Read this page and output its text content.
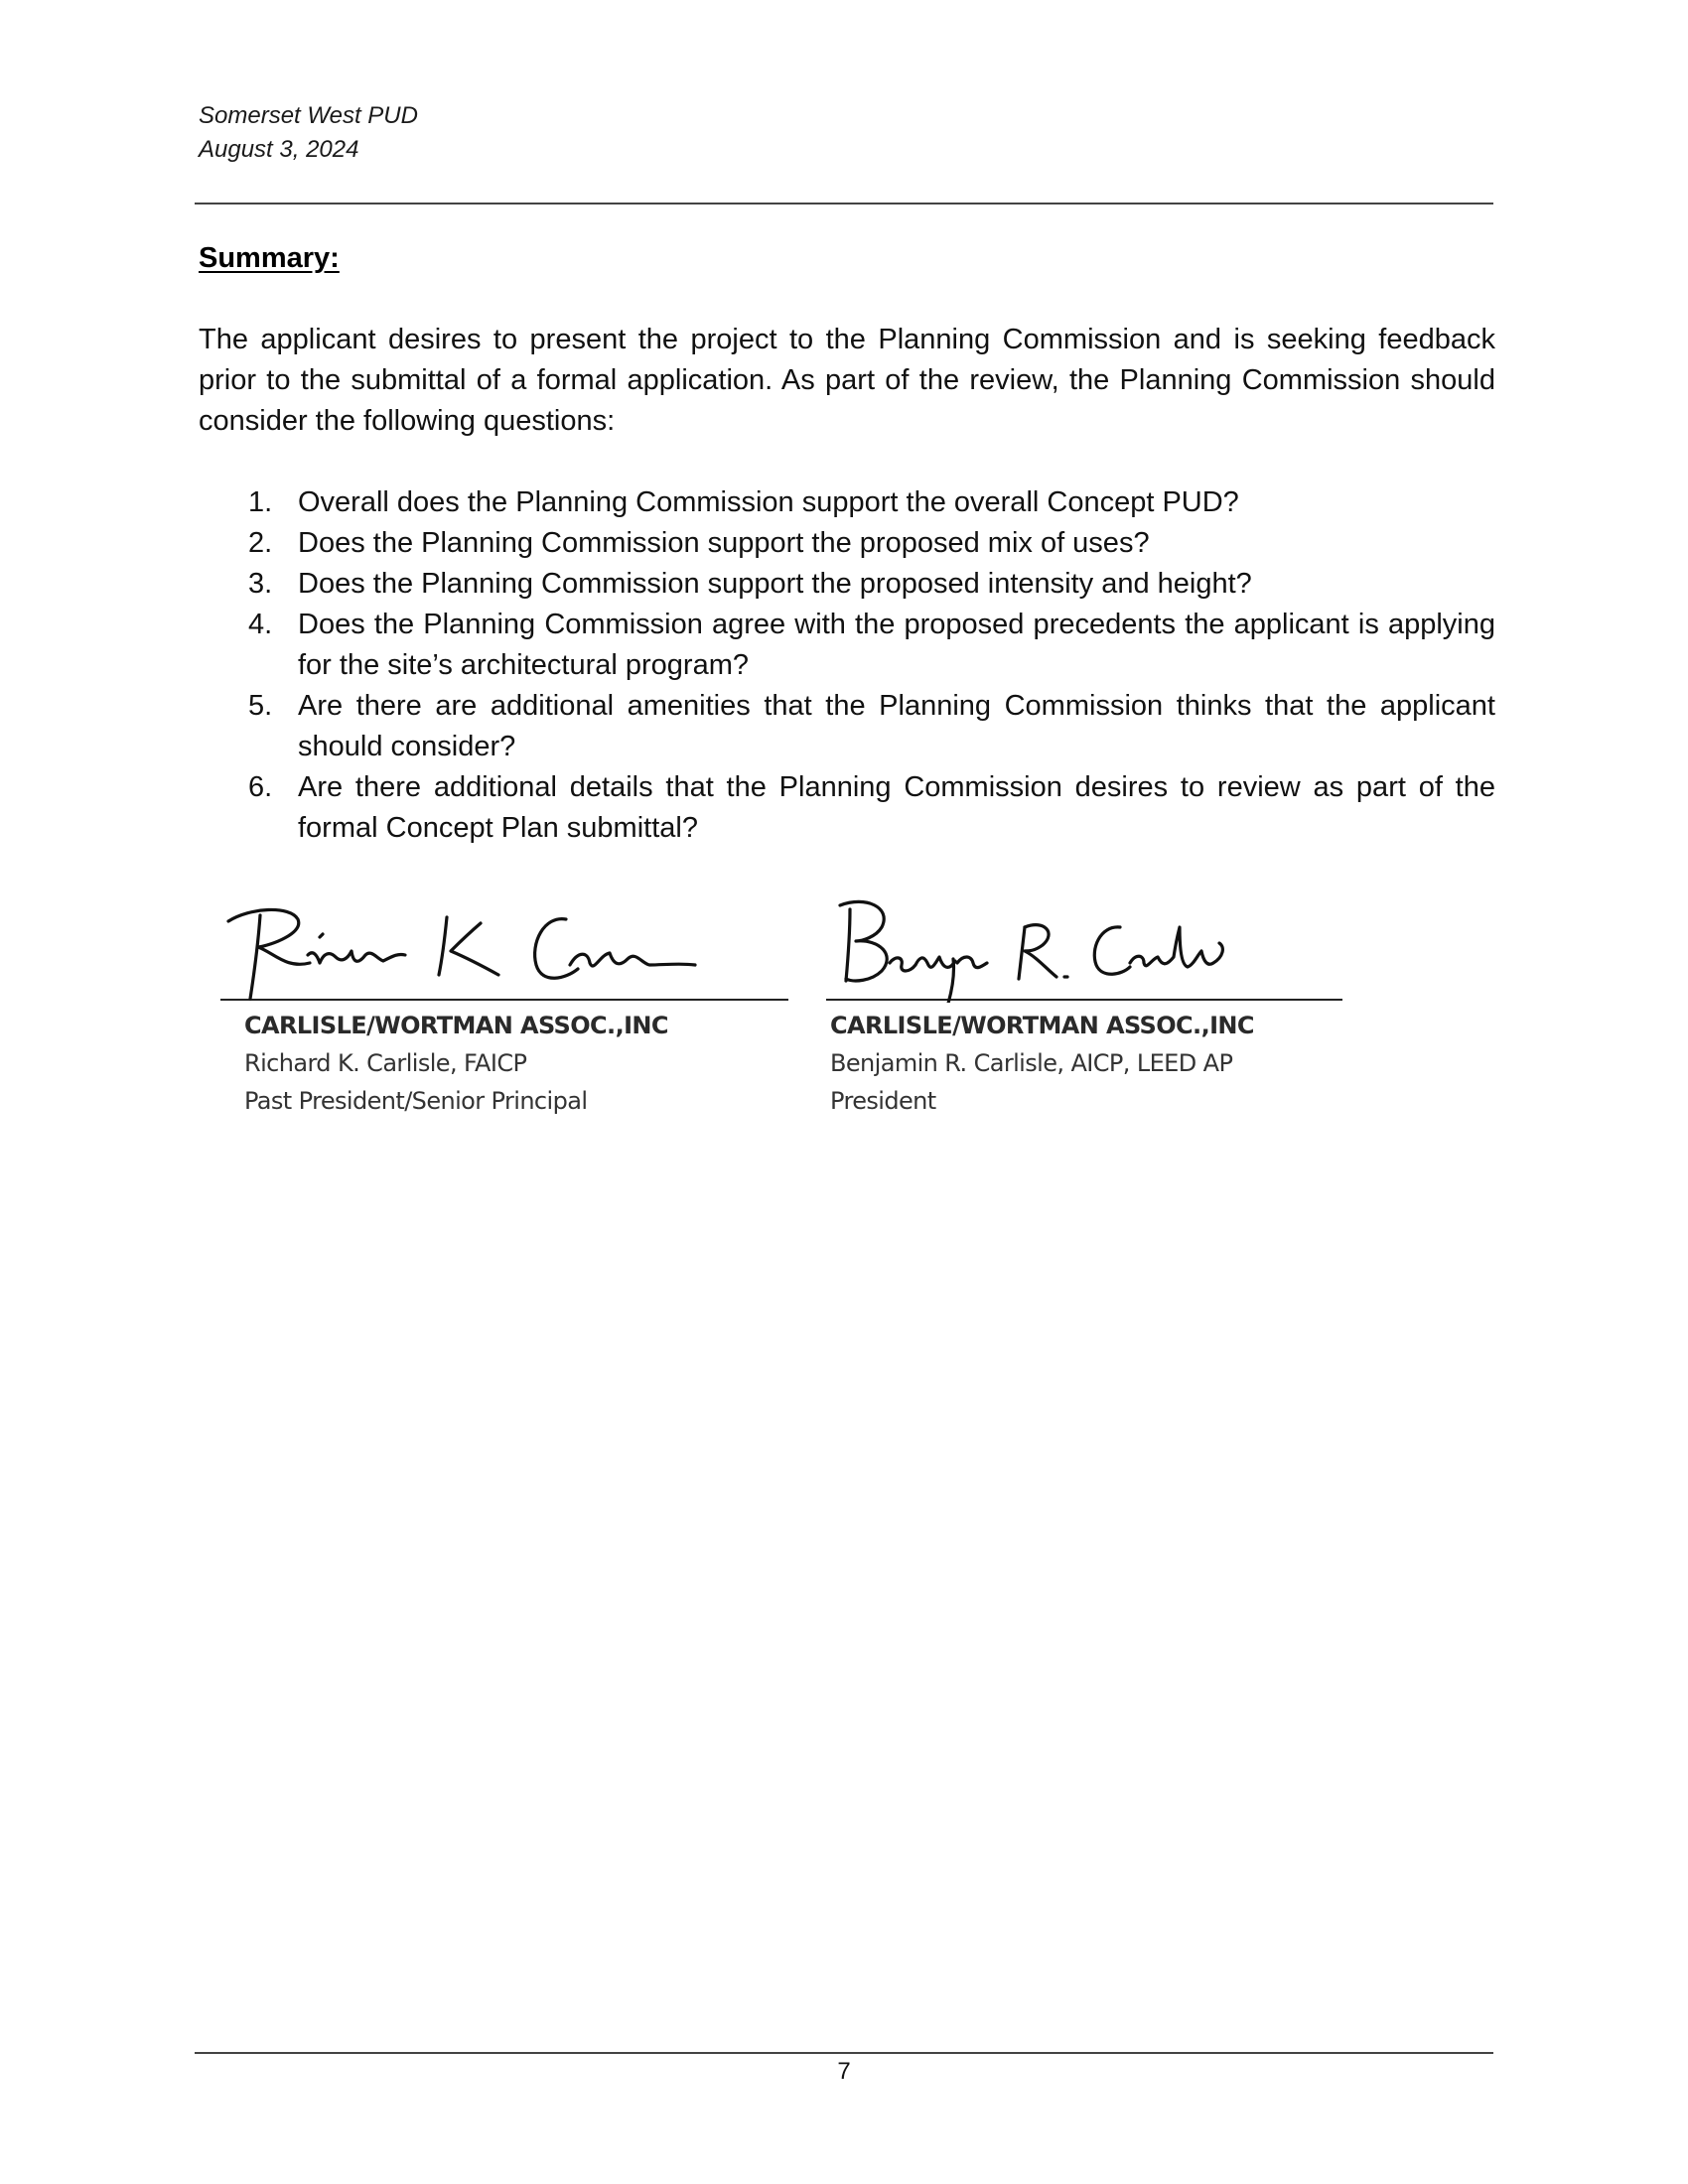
Somerset West PUD
August 3, 2024
Summary:

The applicant desires to present the project to the Planning Commission and is seeking feedback prior to the submittal of a formal application. As part of the review, the Planning Commission should consider the following questions:

1. Overall does the Planning Commission support the overall Concept PUD?
2. Does the Planning Commission support the proposed mix of uses?
3. Does the Planning Commission support the proposed intensity and height?
4. Does the Planning Commission agree with the proposed precedents the applicant is applying for the site’s architectural program?
5. Are there are additional amenities that the Planning Commission thinks that the applicant should consider?
6. Are there additional details that the Planning Commission desires to review as part of the formal Concept Plan submittal?
CARLISLE/WORTMAN ASSOC.,INC
Richard K. Carlisle, FAICP
Past President/Senior Principal
CARLISLE/WORTMAN ASSOC.,INC
Benjamin R. Carlisle, AICP, LEED AP
President
7
